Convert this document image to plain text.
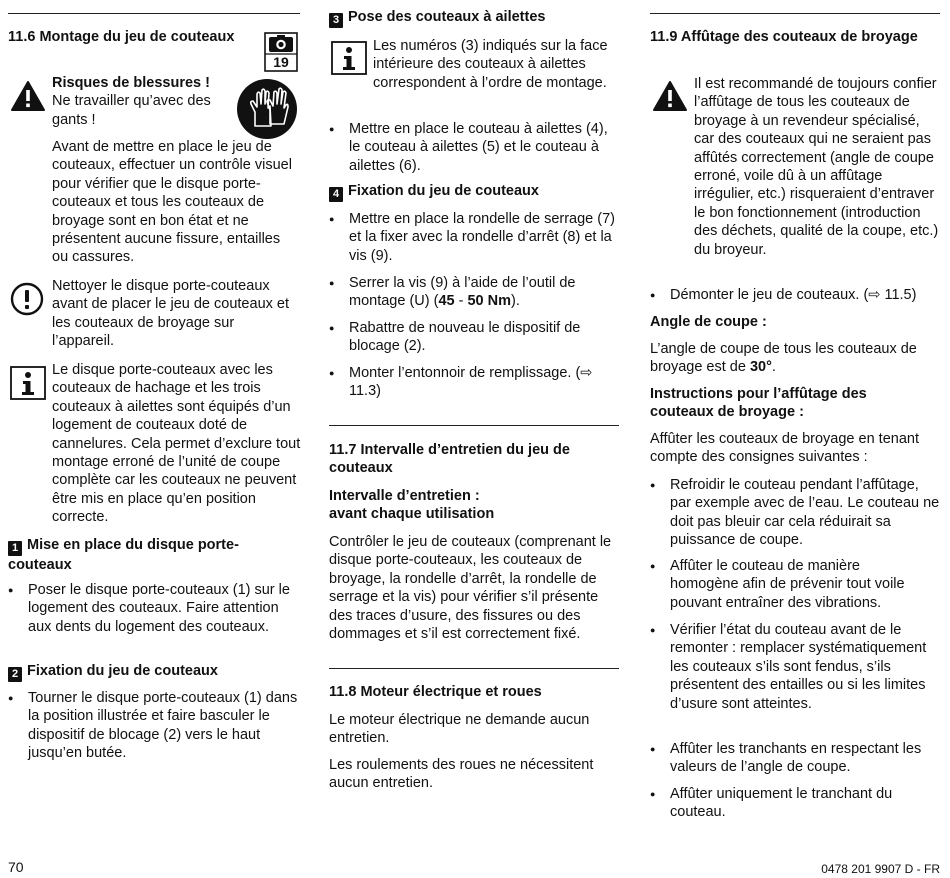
11.6 Montage du jeu de couteaux
19

Risques de blessures !

Ne travailler qu’avec des gants !

Avant de mettre en place le jeu de couteaux, effectuer un contrôle visuel pour vérifier que le disque porte-couteaux et tous les couteaux de broyage sont en bon état et ne présentent aucune fissure, entailles ou cassures.

Nettoyer le disque porte-couteaux avant de placer le jeu de couteaux et les couteaux de broyage sur l’appareil.

Le disque porte-couteaux avec les couteaux de hachage et les trois couteaux à ailettes sont équipés d’un logement de couteaux doté de cannelures. Cela permet d’exclure tout montage erroné de l’unité de coupe complète car les couteaux ne peuvent être mis en place qu’en position correcte.

1 Mise en place du disque porte-couteaux

● Poser le disque porte-couteaux (1) sur le logement des couteaux. Faire attention aux dents du logement des couteaux.

2 Fixation du jeu de couteaux

● Tourner le disque porte-couteaux (1) dans la position illustrée et faire basculer le dispositif de blocage (2) vers le haut jusqu’en butée.

3 Pose des couteaux à ailettes

Les numéros (3) indiqués sur la face intérieure des couteaux à ailettes correspondent à l’ordre de montage.

● Mettre en place le couteau à ailettes (4), le couteau à ailettes (5) et le couteau à ailettes (6).

4 Fixation du jeu de couteaux

● Mettre en place la rondelle de serrage (7) et la fixer avec la rondelle d’arrêt (8) et la vis (9).

● Serrer la vis (9) à l’aide de l’outil de montage (U) (45 - 50 Nm).

● Rabattre de nouveau le dispositif de blocage (2).

● Monter l’entonnoir de remplissage. (⇨ 11.3)

11.7 Intervalle d’entretien du jeu de couteaux

Intervalle d’entretien :

avant chaque utilisation

Contrôler le jeu de couteaux (comprenant le disque porte-couteaux, les couteaux de broyage, la rondelle d’arrêt, la rondelle de serrage et la vis) pour vérifier s’il présente des traces d’usure, des fissures ou des dommages et s’il est correctement fixé.

11.8 Moteur électrique et roues

Le moteur électrique ne demande aucun entretien.

Les roulements des roues ne nécessitent aucun entretien.

11.9 Affûtage des couteaux de broyage

Il est recommandé de toujours confier l’affûtage de tous les couteaux de broyage à un revendeur spécialisé, car des couteaux qui ne seraient pas affûtés correctement (angle de coupe erroné, voile dû à un affûtage irrégulier, etc.) risqueraient d’entraver le bon fonctionnement (introduction des déchets, qualité de la coupe, etc.) du broyeur.

● Démonter le jeu de couteaux. (⇨ 11.5)

Angle de coupe :

L’angle de coupe de tous les couteaux de broyage est de 30°.

Instructions pour l’affûtage des couteaux de broyage :

Affûter les couteaux de broyage en tenant compte des consignes suivantes :

● Refroidir le couteau pendant l’affûtage, par exemple avec de l’eau. Le couteau ne doit pas bleuir car cela réduirait sa puissance de coupe.

● Affûter le couteau de manière homogène afin de prévenir tout voile pouvant entraîner des vibrations.

● Vérifier l’état du couteau avant de le remonter : remplacer systématiquement les couteaux s’ils sont fendus, s’ils présentent des entailles ou si les limites d’usure sont atteintes.

● Affûter les tranchants en respectant les valeurs de l’angle de coupe.

● Affûter uniquement le tranchant du couteau.

70	0478 201 9907 D - FR
